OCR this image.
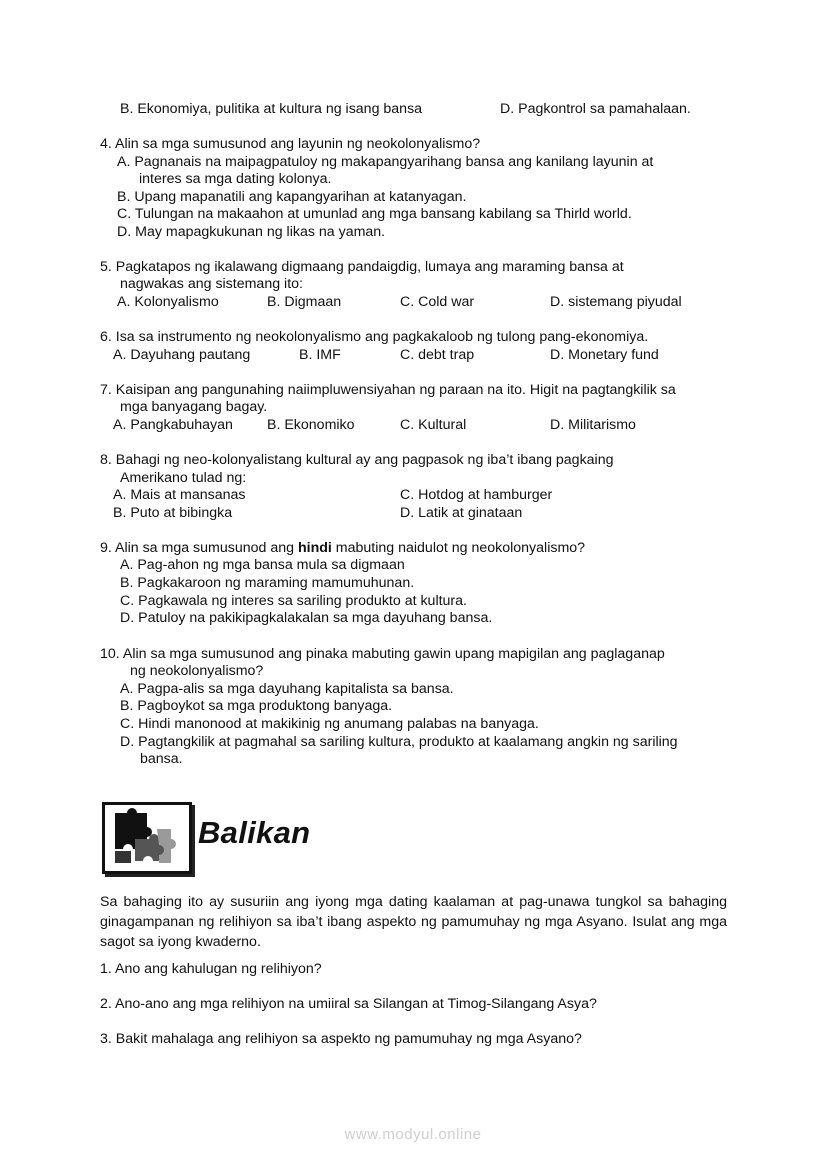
B. Ekonomiya, pulitika at kultura ng isang bansa	D. Pagkontrol sa pamahalaan.
4. Alin sa mga sumusunod ang layunin ng neokolonyalismo?
A. Pagnanais na maipagpatuloy ng makapangyarihang bansa ang kanilang layunin at
interes sa mga dating kolonya.
B. Upang mapanatili ang kapangyarihan at katanyagan.
C. Tulungan na makaahon at umunlad ang mga bansang kabilang sa Thirld world.
D. May mapagkukunan ng likas na yaman.
5. Pagkatapos ng ikalawang digmaang pandaigdig, lumaya ang maraming bansa at
nagwakas ang sistemang ito:
A. Kolonyalismo	B. Digmaan	C. Cold war	D. sistemang piyudal
6. Isa sa instrumento ng neokolonyalismo ang pagkakaloob ng tulong pang-ekonomiya.
A. Dayuhang pautang	B. IMF	C. debt trap	D. Monetary fund
7. Kaisipan ang pangunahing naiimpluwensiyahan ng paraan na ito. Higit na pagtangkilik sa
mga banyagang bagay.
A. Pangkabuhayan B. Ekonomiko	C. Kultural	D. Militarismo
8. Bahagi ng neo-kolonyalistang kultural ay ang pagpasok ng iba’t ibang pagkaing
Amerikano tulad ng:
A. Mais at mansanas	C. Hotdog at hamburger
B. Puto at bibingka	D. Latik at ginataan
9. Alin sa mga sumusunod ang hindi mabuting naidulot ng neokolonyalismo?
A. Pag-ahon ng mga bansa mula sa digmaan
B. Pagkakaroon ng maraming mamumuhunan.
C. Pagkawala ng interes sa sariling produkto at kultura.
D. Patuloy na pakikipagkalakalan sa mga dayuhang bansa.
10. Alin sa mga sumusunod ang pinaka mabuting gawin upang mapigilan ang paglaganap
ng neokolonyalismo?
A. Pagpa-alis sa mga dayuhang kapitalista sa bansa.
B. Pagboykot sa mga produktong banyaga.
C. Hindi manonood at makikinig ng anumang palabas na banyaga.
D. Pagtangkilik at pagmahal sa sariling kultura, produkto at kaalamang angkin ng sariling
bansa.
Balikan
Sa bahaging ito ay susuriin ang iyong mga dating kaalaman at pag-unawa tungkol sa bahaging ginagampanan ng relihiyon sa iba’t ibang aspekto ng pamumuhay ng mga Asyano. Isulat ang mga sagot sa iyong kwaderno.
1. Ano ang kahulugan ng relihiyon?
2. Ano-ano ang mga relihiyon na umiiral sa Silangan at Timog-Silangang Asya?
3. Bakit mahalaga ang relihiyon sa aspekto ng pamumuhay ng mga Asyano?
www.modyul.online
